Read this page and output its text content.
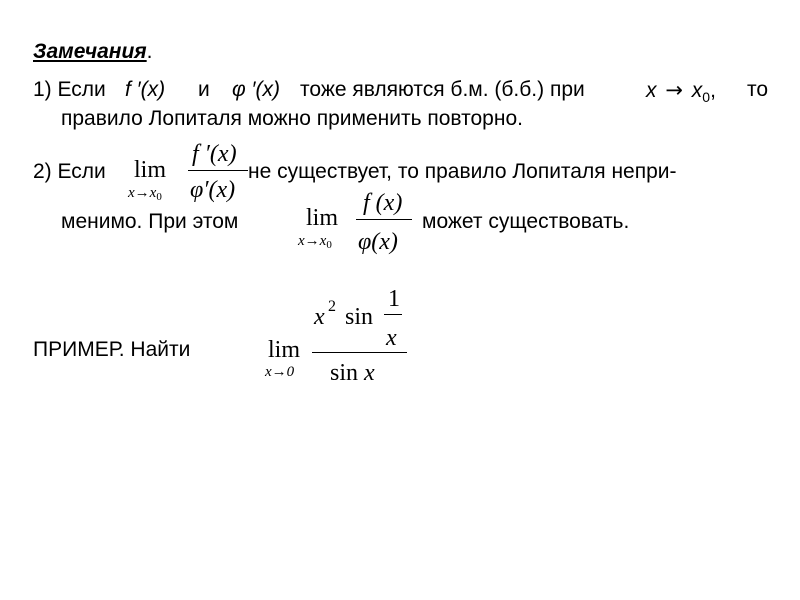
Замечания.
1) Если f ′(x) и φ ′(x) тоже являются б.м. (б.б.) при	$x \to x_0$, то
правило Лопиталя можно применить повторно.
2) Если lim
$x\to x_0$
f ′(x)
φ′(x)
не существует, то правило Лопиталя непри-
менимо. При этом	lim
$x\to x_0$
f (x)
φ(x)
может существовать.
ПРИМЕР. Найти	lim
x→0
x 2 sin
1
x
sin x
